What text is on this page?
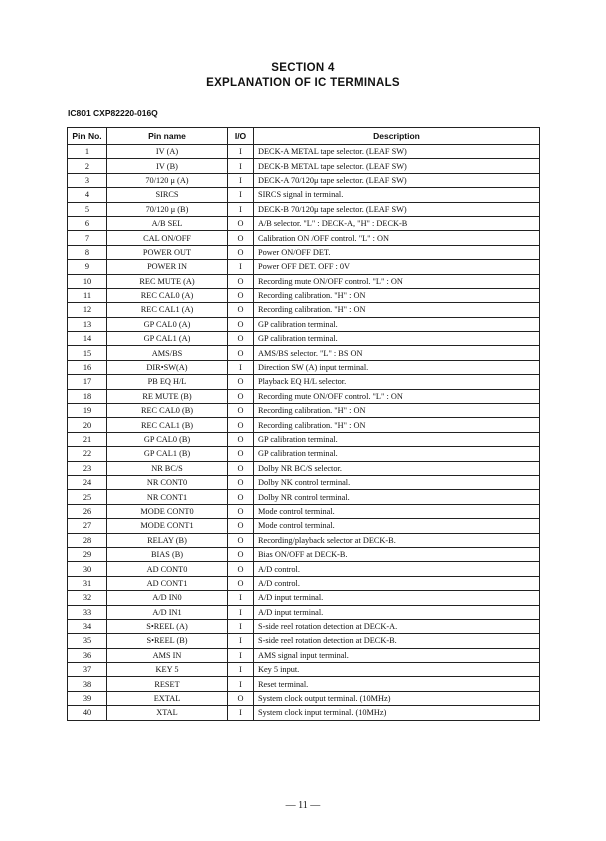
SECTION 4
EXPLANATION OF IC TERMINALS
IC801 CXP82220-016Q
Pin No.	Pin name	I/O	Description
1	IV (A)	I	DECK-A METAL tape selector. (LEAF SW)
2	IV (B)	I	DECK-B METAL tape selector. (LEAF SW)
3	70/120 μ (A)	I	DECK-A 70/120μ tape selector. (LEAF SW)
4	SIRCS	I	SIRCS signal in terminal.
5	70/120 μ (B)	I	DECK-B 70/120μ tape selector. (LEAF SW)
6	A/B SEL	O	A/B selector. "L" : DECK-A, "H" : DECK-B
7	CAL ON/OFF	O	Calibration ON /OFF control. "L" : ON
8	POWER OUT	O	Power ON/OFF DET.
9	POWER IN	I	Power OFF DET. OFF : 0V
10	REC MUTE (A)	O	Recording mute ON/OFF control. "L" : ON
11	REC CAL0 (A)	O	Recording calibration. "H" : ON
12	REC CAL1 (A)	O	Recording calibration. "H" : ON
13	GP CAL0 (A)	O	GP calibration terminal.
14	GP CAL1 (A)	O	GP calibration terminal.
15	AMS/BS	O	AMS/BS selector. "L" : BS ON
16	DIR•SW(A)	I	Direction SW (A) input terminal.
17	PB EQ H/L	O	Playback EQ H/L selector.
18	RE MUTE (B)	O	Recording mute ON/OFF control. "L" : ON
19	REC CAL0 (B)	O	Recording calibration. "H" : ON
20	REC CAL1 (B)	O	Recording calibration. "H" : ON
21	GP CAL0 (B)	O	GP calibration terminal.
22	GP CAL1 (B)	O	GP calibration terminal.
23	NR BC/S	O	Dolby NR BC/S selector.
24	NR CONT0	O	Dolby NK control terminal.
25	NR CONT1	O	Dolby NR control terminal.
26	MODE CONT0	O	Mode control terminal.
27	MODE CONT1	O	Mode control terminal.
28	RELAY (B)	O	Recording/playback selector at DECK-B.
29	BIAS (B)	O	Bias ON/OFF at DECK-B.
30	AD CONT0	O	A/D control.
31	AD CONT1	O	A/D control.
32	A/D IN0	I	A/D input terminal.
33	A/D IN1	I	A/D input terminal.
34	S•REEL (A)	I	S-side reel rotation detection at DECK-A.
35	S•REEL (B)	I	S-side reel rotation detection at DECK-B.
36	AMS IN	I	AMS signal input terminal.
37	KEY 5	I	Key 5 input.
38	RESET	I	Reset terminal.
39	EXTAL	O	System clock output terminal. (10MHz)
40	XTAL	I	System clock input terminal. (10MHz)
— 11 —
